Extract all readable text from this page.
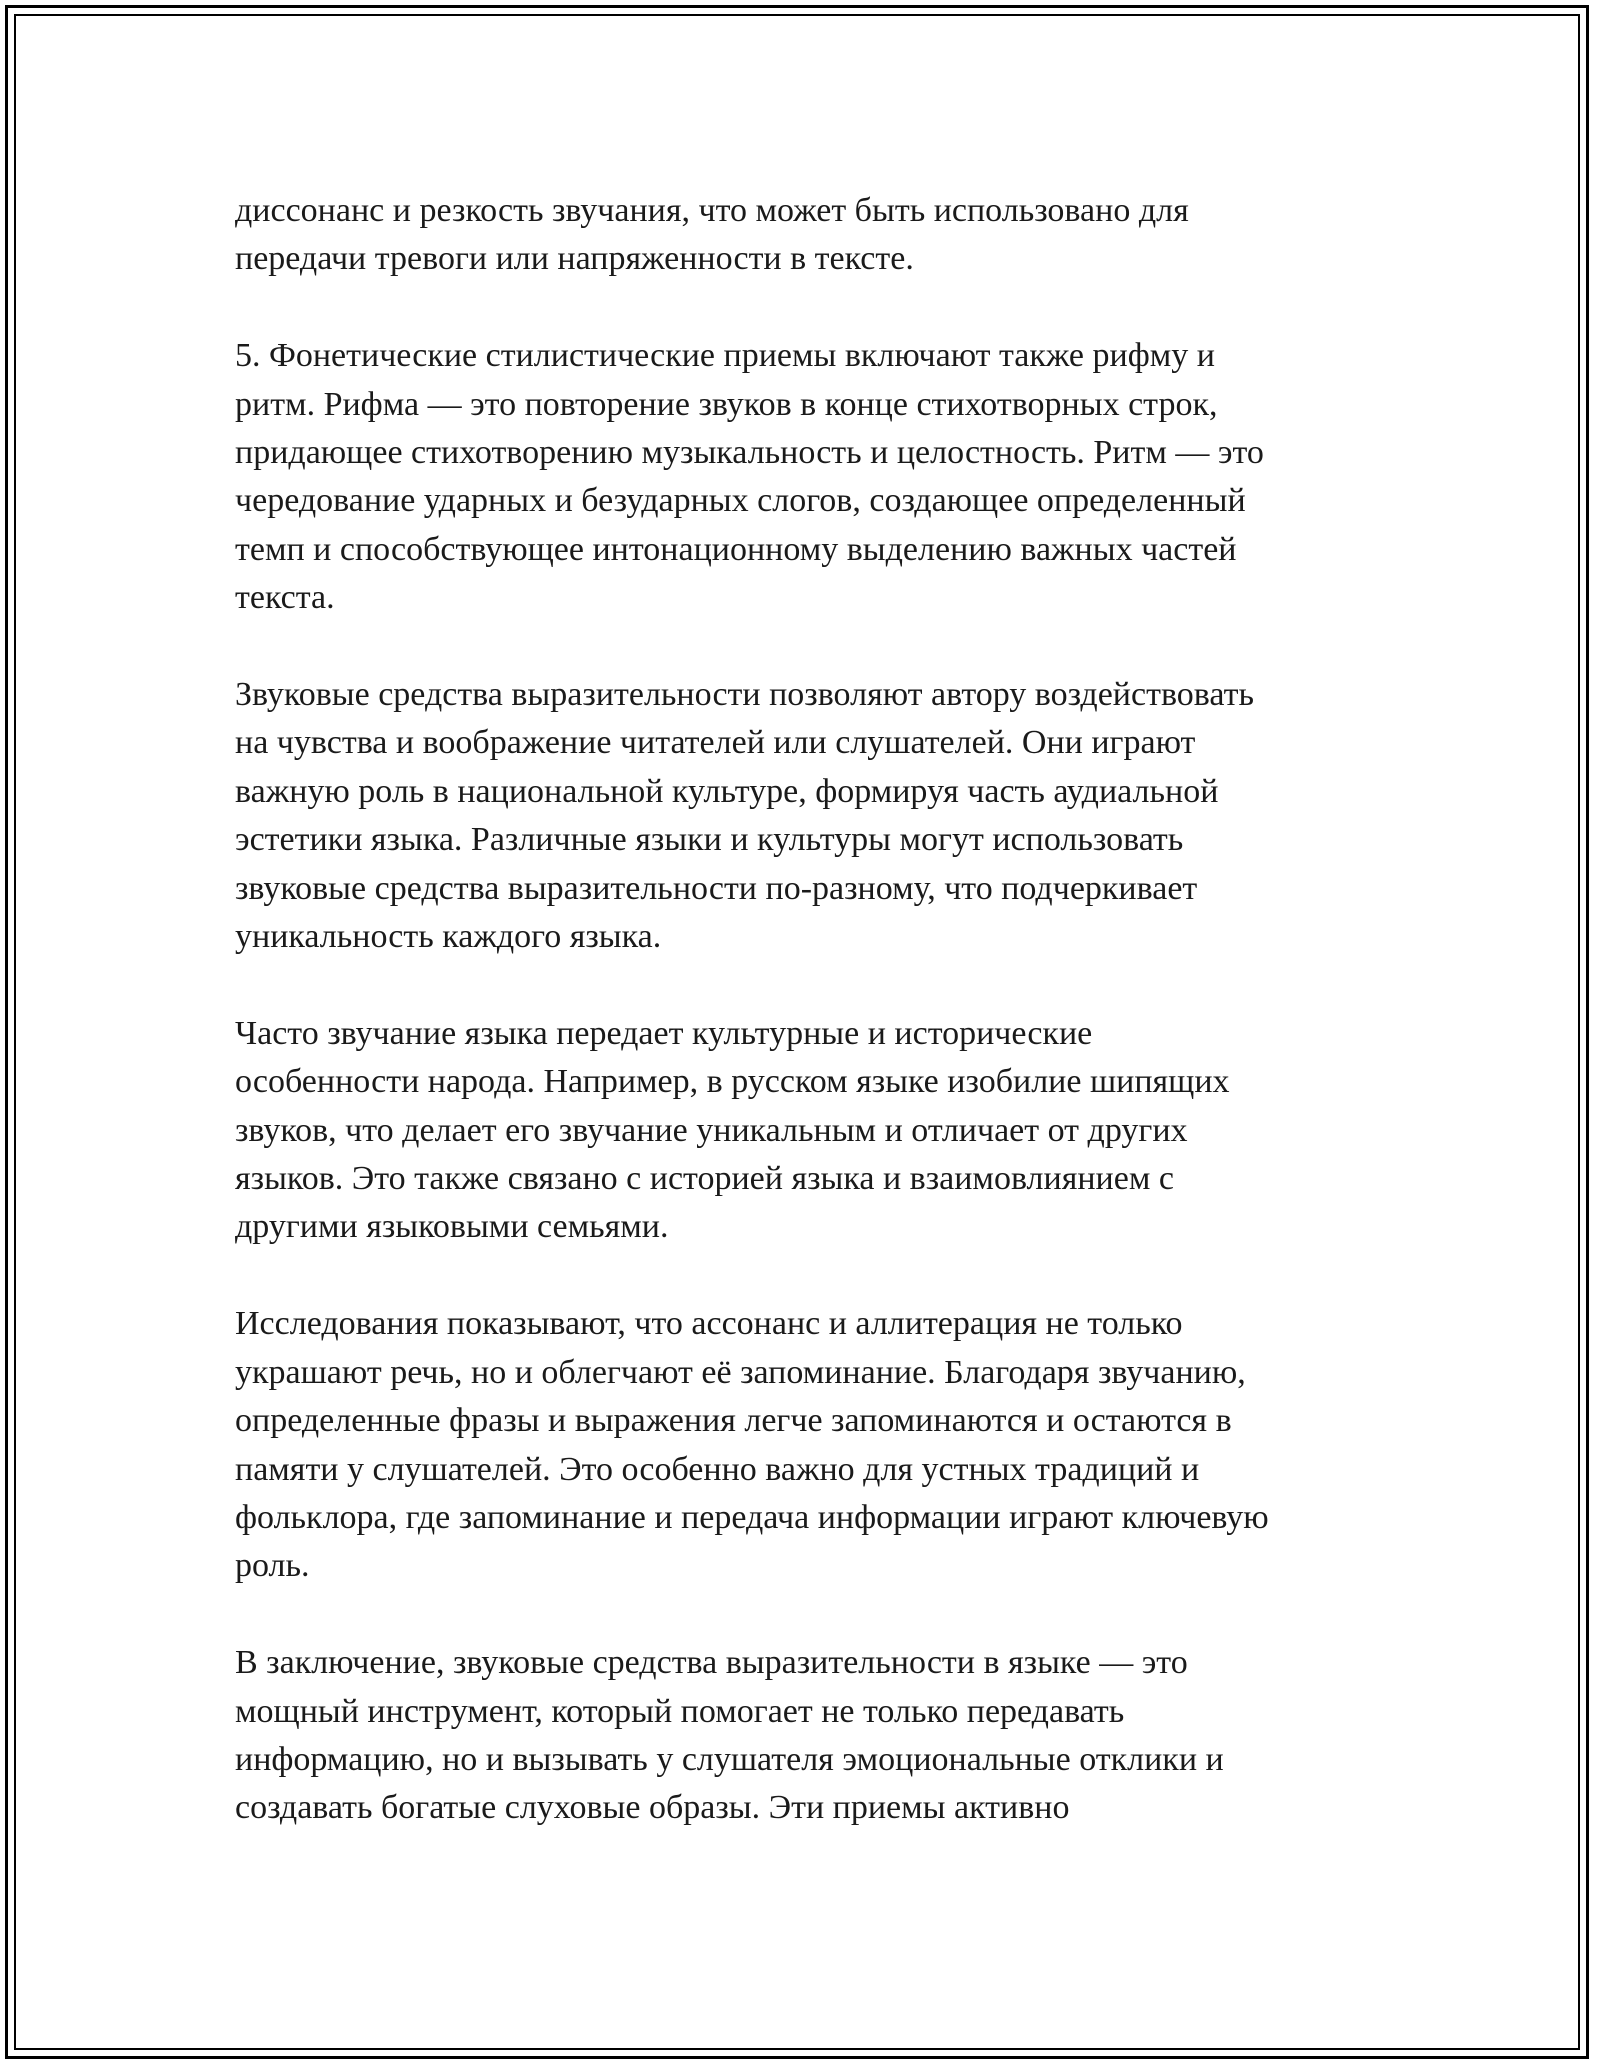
диссонанс и резкость звучания, что может быть использовано для
передачи тревоги или напряженности в тексте.

5. Фонетические стилистические приемы включают также рифму и
ритм. Рифма — это повторение звуков в конце стихотворных строк,
придающее стихотворению музыкальность и целостность. Ритм — это
чередование ударных и безударных слогов, создающее определенный
темп и способствующее интонационному выделению важных частей
текста.

Звуковые средства выразительности позволяют автору воздействовать
на чувства и воображение читателей или слушателей. Они играют
важную роль в национальной культуре, формируя часть аудиальной
эстетики языка. Различные языки и культуры могут использовать
звуковые средства выразительности по-разному, что подчеркивает
уникальность каждого языка.

Часто звучание языка передает культурные и исторические
особенности народа. Например, в русском языке изобилие шипящих
звуков, что делает его звучание уникальным и отличает от других
языков. Это также связано с историей языка и взаимовлиянием с
другими языковыми семьями.

Исследования показывают, что ассонанс и аллитерация не только
украшают речь, но и облегчают её запоминание. Благодаря звучанию,
определенные фразы и выражения легче запоминаются и остаются в
памяти у слушателей. Это особенно важно для устных традиций и
фольклора, где запоминание и передача информации играют ключевую
роль.

В заключение, звуковые средства выразительности в языке — это
мощный инструмент, который помогает не только передавать
информацию, но и вызывать у слушателя эмоциональные отклики и
создавать богатые слуховые образы. Эти приемы активно
